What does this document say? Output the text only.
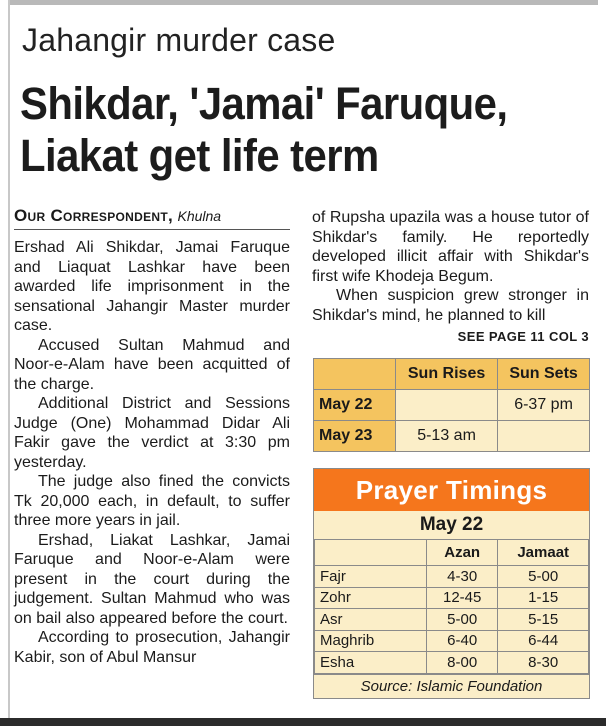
Jahangir murder case
Shikdar, 'Jamai' Faruque,
Liakat get life term
Our Correspondent, Khulna

Ershad Ali Shikdar, Jamai Faruque and Liaquat Lashkar have been awarded life imprisonment in the sensational Jahangir Master murder case.

Accused Sultan Mahmud and Noor-e-Alam have been acquitted of the charge.

Additional District and Sessions Judge (One) Mohammad Didar Ali Fakir gave the verdict at 3:30 pm yesterday.

The judge also fined the convicts Tk 20,000 each, in default, to suffer three more years in jail.

Ershad, Liakat Lashkar, Jamai Faruque and Noor-e-Alam were present in the court during the judgement. Sultan Mahmud who was on bail also appeared before the court.

According to prosecution, Jahangir Kabir, son of Abul Mansur

of Rupsha upazila was a house tutor of Shikdar's family. He reportedly developed illicit affair with Shikdar's first wife Khodeja Begum.

When suspicion grew stronger in Shikdar's mind, he planned to kill

SEE PAGE 11 COL 3
	Sun Rises	Sun Sets
May 22		6-37 pm
May 23	5-13 am	
Prayer Timings
May 22
	Azan	Jamaat
Fajr	4-30	5-00
Zohr	12-45	1-15
Asr	5-00	5-15
Maghrib	6-40	6-44
Esha	8-00	8-30
Source: Islamic Foundation
